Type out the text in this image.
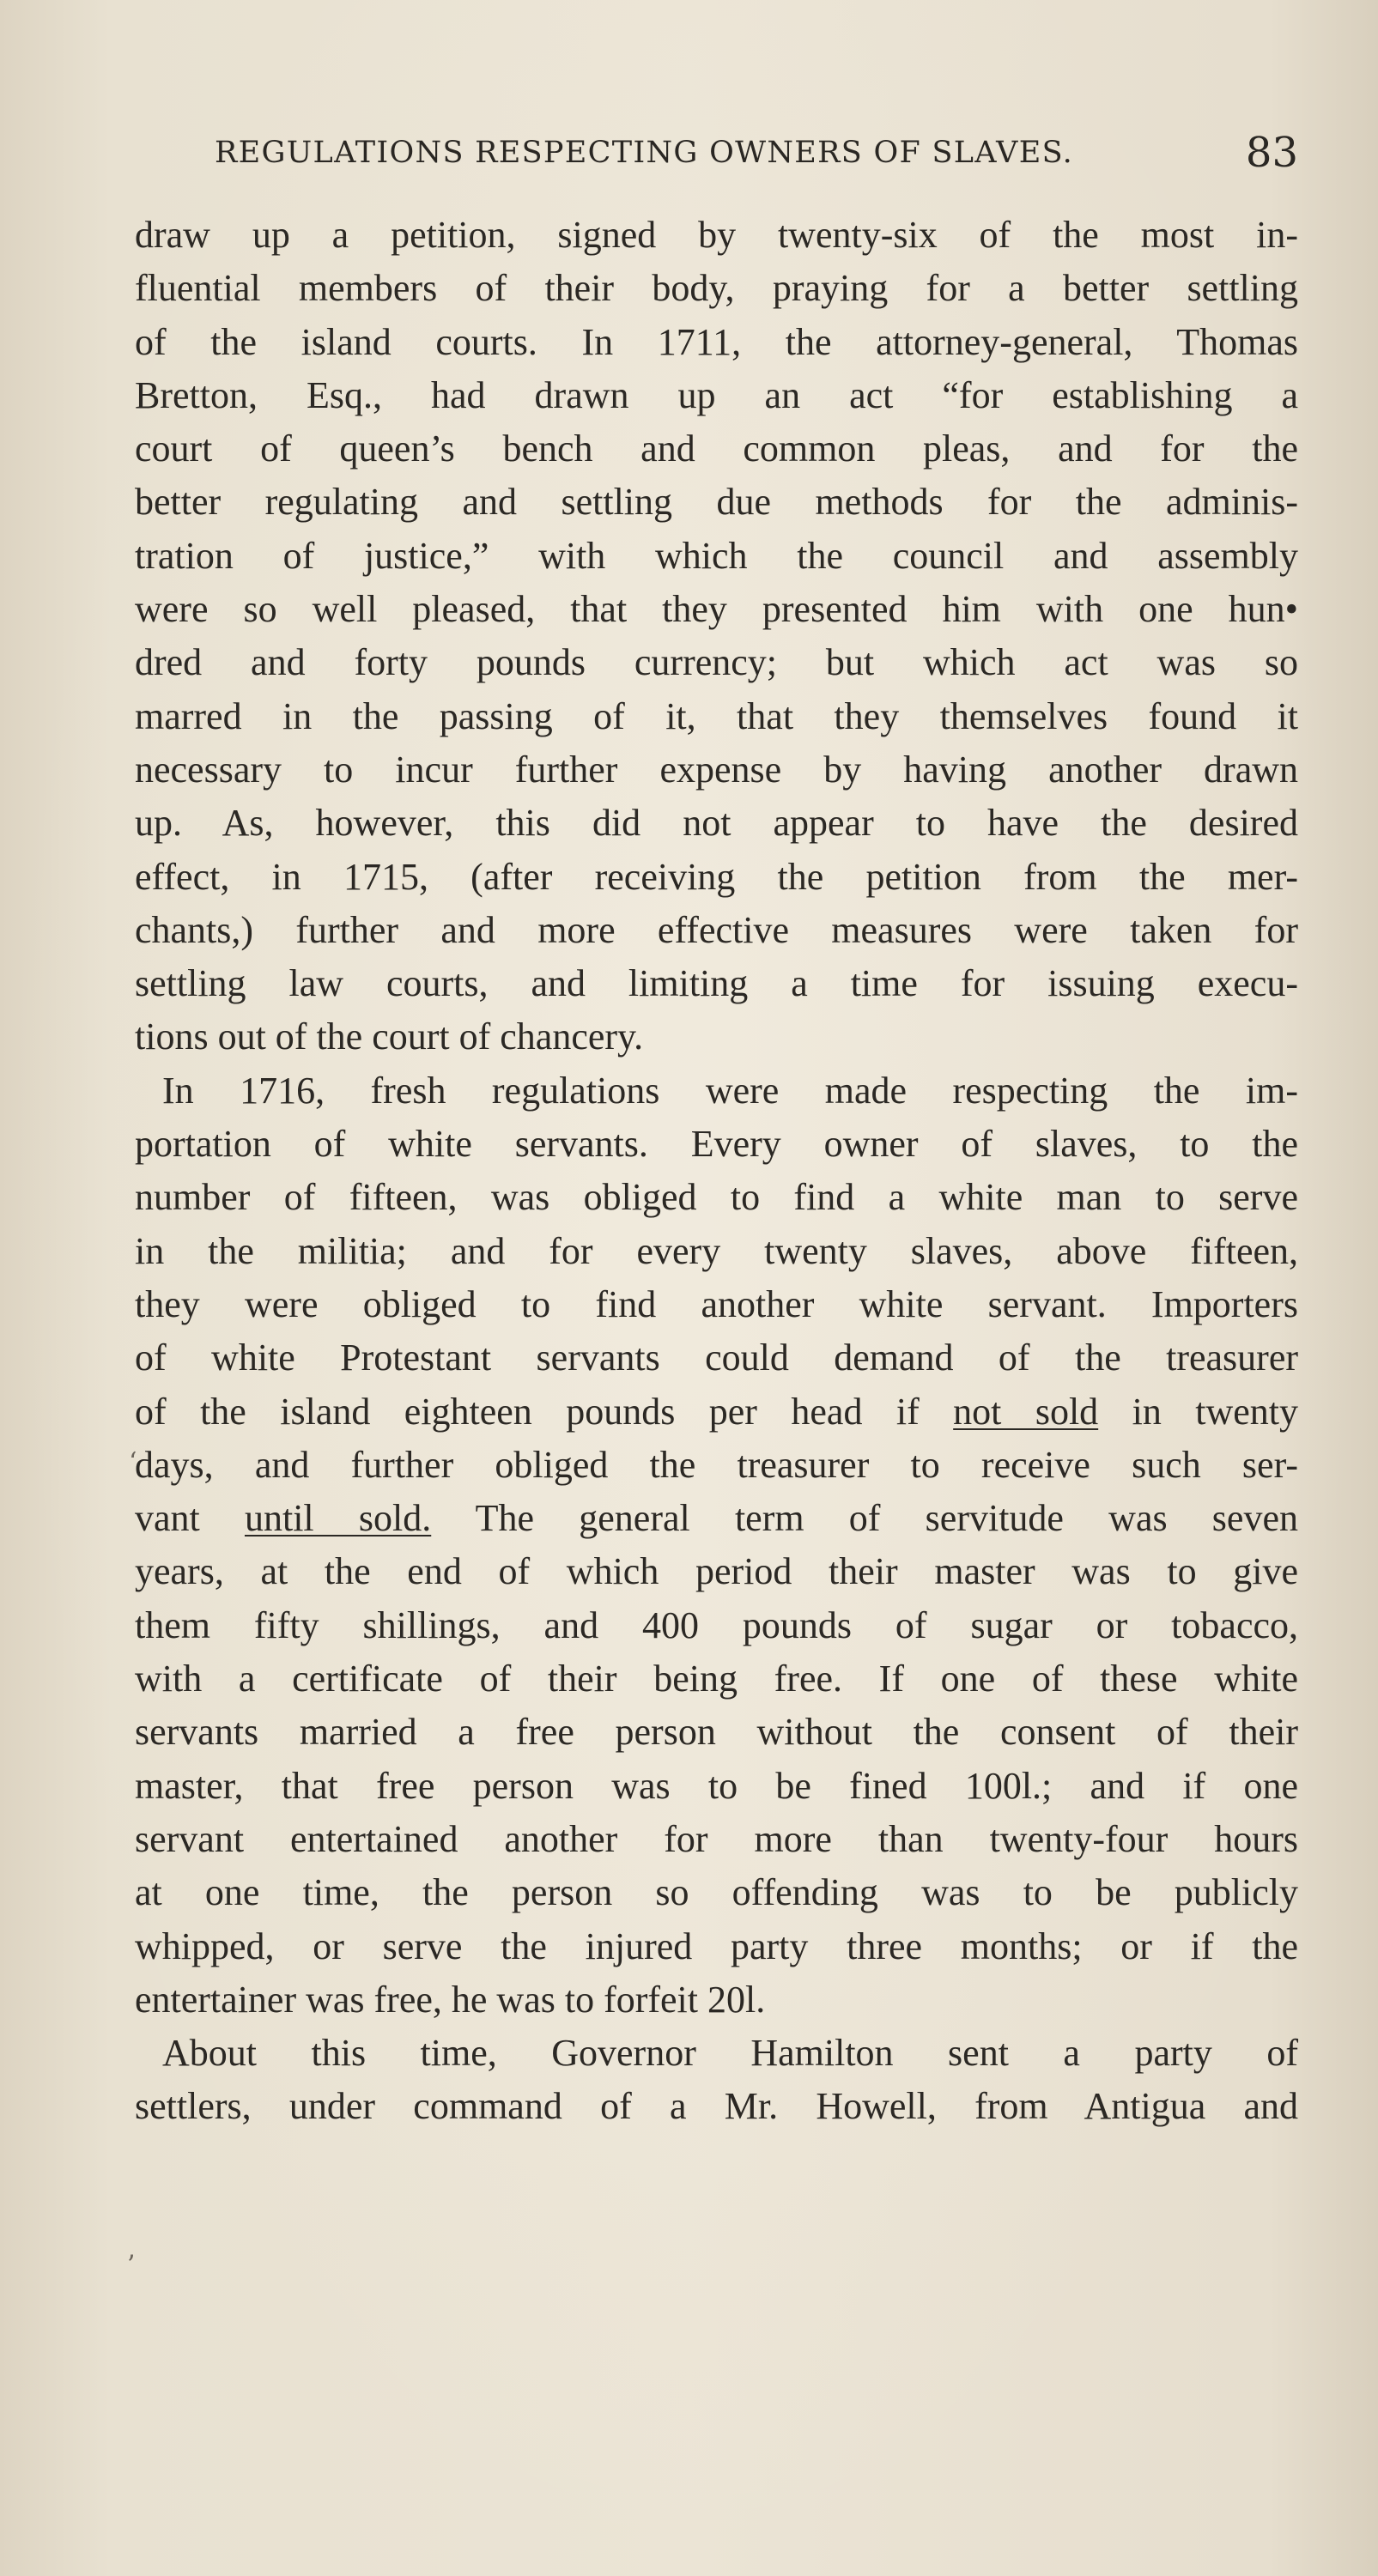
REGULATIONS RESPECTING OWNERS OF SLAVES.	83
‘
ʼ
draw up a petition, signed by twenty-six of the most in-
fluential members of their body, praying for a better settling
of the island courts. In 1711, the attorney-general, Thomas
Bretton, Esq., had drawn up an act “for establishing a
court of queen’s bench and common pleas, and for the
better regulating and settling due methods for the adminis-
tration of justice,” with which the council and assembly
were so well pleased, that they presented him with one hun•
dred and forty pounds currency; but which act was so
marred in the passing of it, that they themselves found it
necessary to incur further expense by having another drawn
up. As, however, this did not appear to have the desired
effect, in 1715, (after receiving the petition from the mer-
chants,) further and more effective measures were taken for
settling law courts, and limiting a time for issuing execu-
tions out of the court of chancery.
In 1716, fresh regulations were made respecting the im-
portation of white servants. Every owner of slaves, to the
number of fifteen, was obliged to find a white man to serve
in the militia; and for every twenty slaves, above fifteen,
they were obliged to find another white servant. Importers
of white Protestant servants could demand of the treasurer
of the island eighteen pounds per head if not sold in twenty
days, and further obliged the treasurer to receive such ser-
vant until sold. The general term of servitude was seven
years, at the end of which period their master was to give
them fifty shillings, and 400 pounds of sugar or tobacco,
with a certificate of their being free. If one of these white
servants married a free person without the consent of their
master, that free person was to be fined 100l.; and if one
servant entertained another for more than twenty-four hours
at one time, the person so offending was to be publicly
whipped, or serve the injured party three months; or if the
entertainer was free, he was to forfeit 20l.
About this time, Governor Hamilton sent a party of
settlers, under command of a Mr. Howell, from Antigua and
